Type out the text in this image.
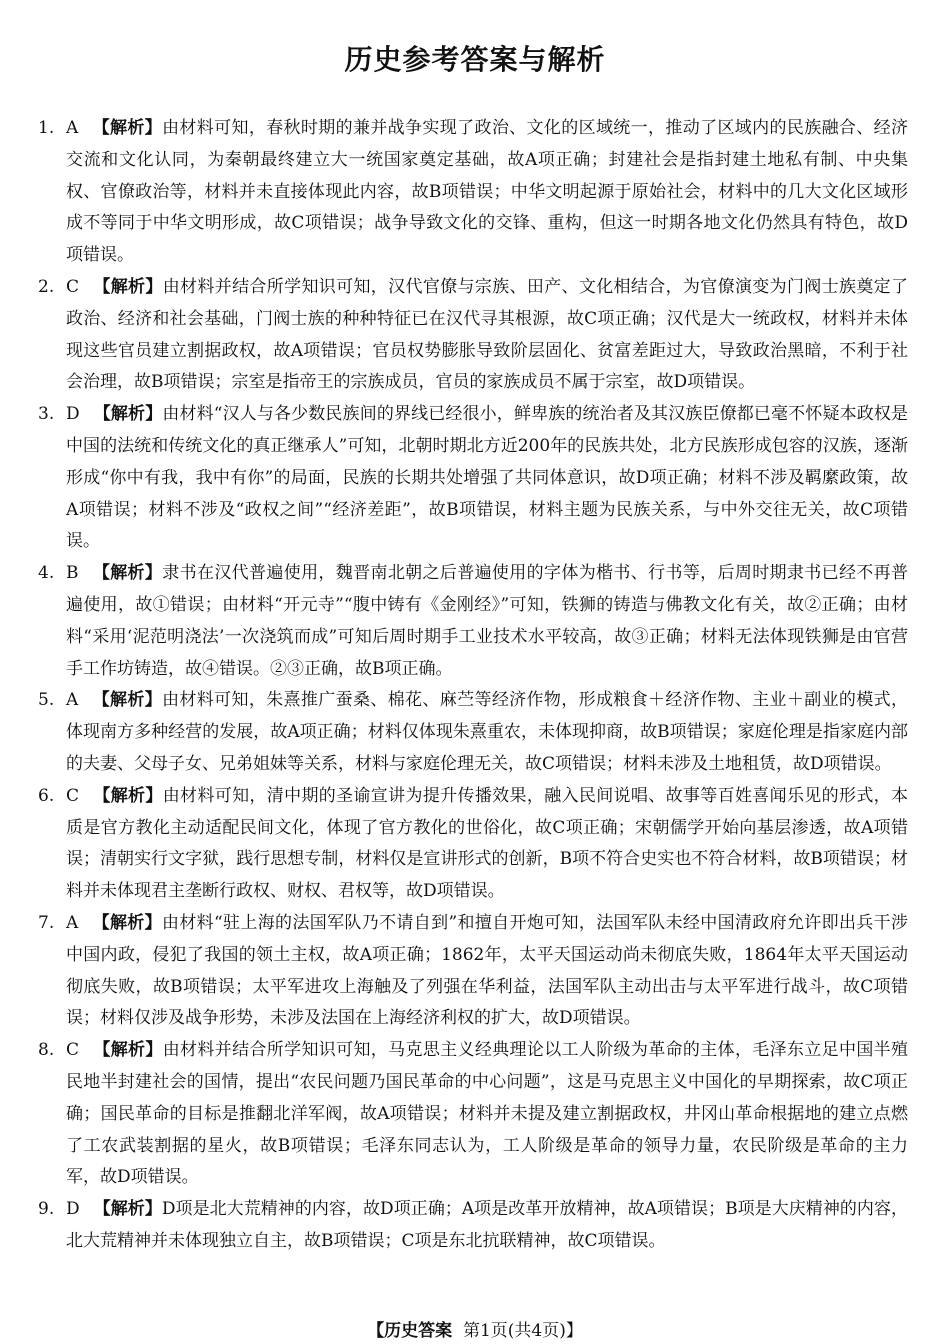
历史参考答案与解析
1. A 【解析】由材料可知，春秋时期的兼并战争实现了政治、文化的区域统一，推动了区域内的民族融合、经济交流和文化认同，为秦朝最终建立大一统国家奠定基础，故A项正确；封建社会是指封建土地私有制、中央集权、官僚政治等，材料并未直接体现此内容，故B项错误；中华文明起源于原始社会，材料中的几大文化区域形成不等同于中华文明形成，故C项错误；战争导致文化的交锋、重构，但这一时期各地文化仍然具有特色，故D项错误。
2. C 【解析】由材料并结合所学知识可知，汉代官僚与宗族、田产、文化相结合，为官僚演变为门阀士族奠定了政治、经济和社会基础，门阀士族的种种特征已在汉代寻其根源，故C项正确；汉代是大一统政权，材料并未体现这些官员建立割据政权，故A项错误；官员权势膨胀导致阶层固化、贫富差距过大，导致政治黑暗，不利于社会治理，故B项错误；宗室是指帝王的宗族成员，官员的家族成员不属于宗室，故D项错误。
3. D 【解析】由材料“汉人与各少数民族间的界线已经很小，鲜卑族的统治者及其汉族臣僚都已毫不怀疑本政权是中国的法统和传统文化的真正继承人”可知，北朝时期北方近200年的民族共处，北方民族形成包容的汉族，逐渐形成“你中有我，我中有你”的局面，民族的长期共处增强了共同体意识，故D项正确；材料不涉及羁縻政策，故A项错误；材料不涉及“政权之间”“经济差距”，故B项错误，材料主题为民族关系，与中外交往无关，故C项错误。
4. B 【解析】隶书在汉代普遍使用，魏晋南北朝之后普遍使用的字体为楷书、行书等，后周时期隶书已经不再普遍使用，故①错误；由材料“开元寺”“腹中铸有《金刚经》”可知，铁狮的铸造与佛教文化有关，故②正确；由材料“采用‘泥范明浇法’一次浇筑而成”可知后周时期手工业技术水平较高，故③正确；材料无法体现铁狮是由官营手工作坊铸造，故④错误。②③正确，故B项正确。
5. A 【解析】由材料可知，朱熹推广蚕桑、棉花、麻苎等经济作物，形成粮食＋经济作物、主业＋副业的模式，体现南方多种经营的发展，故A项正确；材料仅体现朱熹重农，未体现抑商，故B项错误；家庭伦理是指家庭内部的夫妻、父母子女、兄弟姐妹等关系，材料与家庭伦理无关，故C项错误；材料未涉及土地租赁，故D项错误。
6. C 【解析】由材料可知，清中期的圣谕宣讲为提升传播效果，融入民间说唱、故事等百姓喜闻乐见的形式，本质是官方教化主动适配民间文化，体现了官方教化的世俗化，故C项正确；宋朝儒学开始向基层渗透，故A项错误；清朝实行文字狱，践行思想专制，材料仅是宣讲形式的创新，B项不符合史实也不符合材料，故B项错误；材料并未体现君主垄断行政权、财权、君权等，故D项错误。
7. A 【解析】由材料“驻上海的法国军队乃不请自到”和擅自开炮可知，法国军队未经中国清政府允许即出兵干涉中国内政，侵犯了我国的领土主权，故A项正确；1862年，太平天国运动尚未彻底失败，1864年太平天国运动彻底失败，故B项错误；太平军进攻上海触及了列强在华利益，法国军队主动出击与太平军进行战斗，故C项错误；材料仅涉及战争形势，未涉及法国在上海经济利权的扩大，故D项错误。
8. C 【解析】由材料并结合所学知识可知，马克思主义经典理论以工人阶级为革命的主体，毛泽东立足中国半殖民地半封建社会的国情，提出“农民问题乃国民革命的中心问题”，这是马克思主义中国化的早期探索，故C项正确；国民革命的目标是推翻北洋军阀，故A项错误；材料并未提及建立割据政权，井冈山革命根据地的建立点燃了工农武装割据的星火，故B项错误；毛泽东同志认为，工人阶级是革命的领导力量，农民阶级是革命的主力军，故D项错误。
9. D 【解析】D项是北大荒精神的内容，故D项正确；A项是改革开放精神，故A项错误；B项是大庆精神的内容，北大荒精神并未体现独立自主，故B项错误；C项是东北抗联精神，故C项错误。
【历史答案 第1页(共4页)】
